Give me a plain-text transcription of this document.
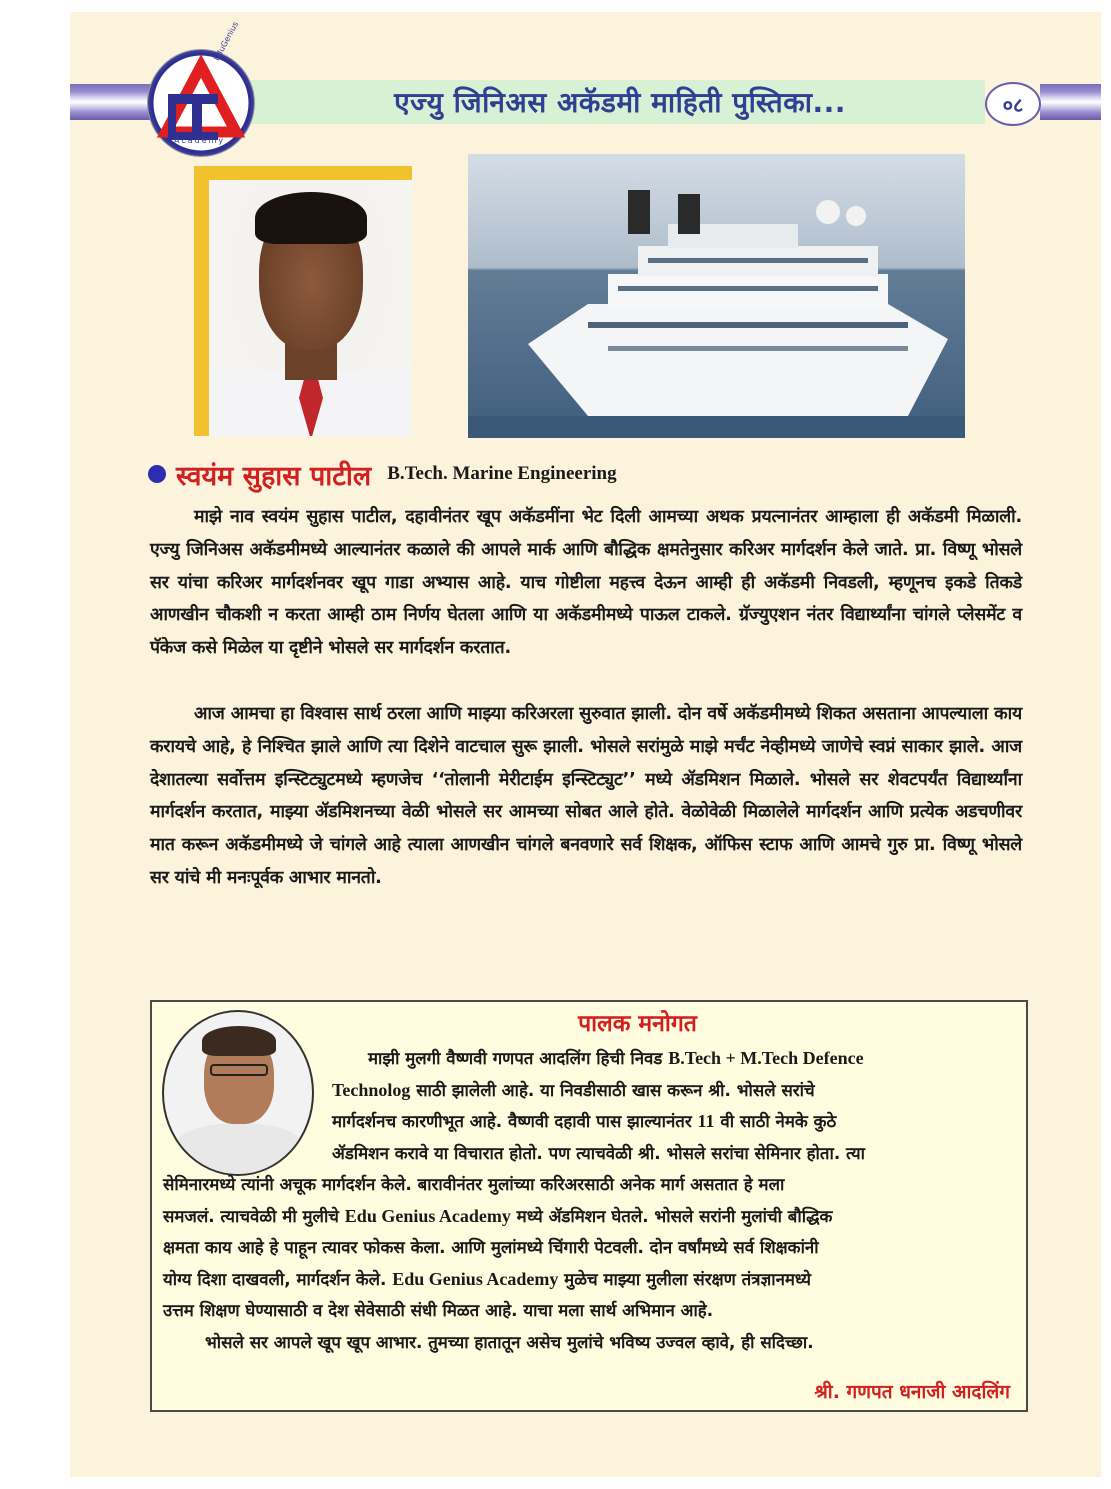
एज्यु जिनिअस अकॅडमी माहिती पुस्तिका...	०८
EduGenius
Academy
स्वयंम सुहास पाटील B.Tech. Marine Engineering

माझे नाव स्वयंम सुहास पाटील, दहावीनंतर खूप अकॅडमींना भेट दिली आमच्या अथक प्रयत्नानंतर आम्हाला ही अकॅडमी मिळाली. एज्यु जिनिअस अकॅडमीमध्ये आल्यानंतर कळाले की आपले मार्क आणि बौद्धिक क्षमतेनुसार करिअर मार्गदर्शन केले जाते. प्रा. विष्णू भोसले सर यांचा करिअर मार्गदर्शनवर खूप गाडा अभ्यास आहे. याच गोष्टीला महत्त्व देऊन आम्ही ही अकॅडमी निवडली, म्हणूनच इकडे तिकडे आणखीन चौकशी न करता आम्ही ठाम निर्णय घेतला आणि या अकॅडमीमध्ये पाऊल टाकले. ग्रॅज्युएशन नंतर विद्यार्थ्यांना चांगले प्लेसमेंट व पॅकेज कसे मिळेल या दृष्टीने भोसले सर मार्गदर्शन करतात.

आज आमचा हा विश्वास सार्थ ठरला आणि माझ्या करिअरला सुरुवात झाली. दोन वर्षे अकॅडमीमध्ये शिकत असताना आपल्याला काय करायचे आहे, हे निश्चित झाले आणि त्या दिशेने वाटचाल सुरू झाली. भोसले सरांमुळे माझे मर्चंट नेव्हीमध्ये जाणेचे स्वप्नं साकार झाले. आज देशातल्या सर्वोत्तम इन्स्टिट्युटमध्ये म्हणजेच ‘‘तोलानी मेरीटाईम इन्स्टिट्युट’’ मध्ये ॲडमिशन मिळाले. भोसले सर शेवटपर्यंत विद्यार्थ्यांना मार्गदर्शन करतात, माझ्या ॲडमिशनच्या वेळी भोसले सर आमच्या सोबत आले होते. वेळोवेळी मिळालेले मार्गदर्शन आणि प्रत्येक अडचणीवर मात करून अकॅडमीमध्ये जे चांगले आहे त्याला आणखीन चांगले बनवणारे सर्व शिक्षक, ऑफिस स्टाफ आणि आमचे गुरु प्रा. विष्णू भोसले सर यांचे मी मनःपूर्वक आभार मानतो.

पालक मनोगत

माझी मुलगी वैष्णवी गणपत आदलिंग हिची निवड B.Tech + M.Tech Defence

Technolog साठी झालेली आहे. या निवडीसाठी खास करून श्री. भोसले सरांचे

मार्गदर्शनच कारणीभूत आहे. वैष्णवी दहावी पास झाल्यानंतर 11 वी साठी नेमके कुठे

ॲडमिशन करावे या विचारात होतो. पण त्याचवेळी श्री. भोसले सरांचा सेमिनार होता. त्या

सेमिनारमध्ये त्यांनी अचूक मार्गदर्शन केले. बारावीनंतर मुलांच्या करिअरसाठी अनेक मार्ग असतात हे मला

समजलं. त्याचवेळी मी मुलीचे Edu Genius Academy मध्ये ॲडमिशन घेतले. भोसले सरांनी मुलांची बौद्धिक

क्षमता काय आहे हे पाहून त्यावर फोकस केला. आणि मुलांमध्ये चिंगारी पेटवली. दोन वर्षांमध्ये सर्व शिक्षकांनी

योग्य दिशा दाखवली, मार्गदर्शन केले. Edu Genius Academy मुळेच माझ्या मुलीला संरक्षण तंत्रज्ञानमध्ये

उत्तम शिक्षण घेण्यासाठी व देश सेवेसाठी संधी मिळत आहे. याचा मला सार्थ अभिमान आहे.

भोसले सर आपले खूप खूप आभार. तुमच्या हातातून असेच मुलांचे भविष्य उज्वल व्हावे, ही सदिच्छा.

श्री. गणपत धनाजी आदलिंग
